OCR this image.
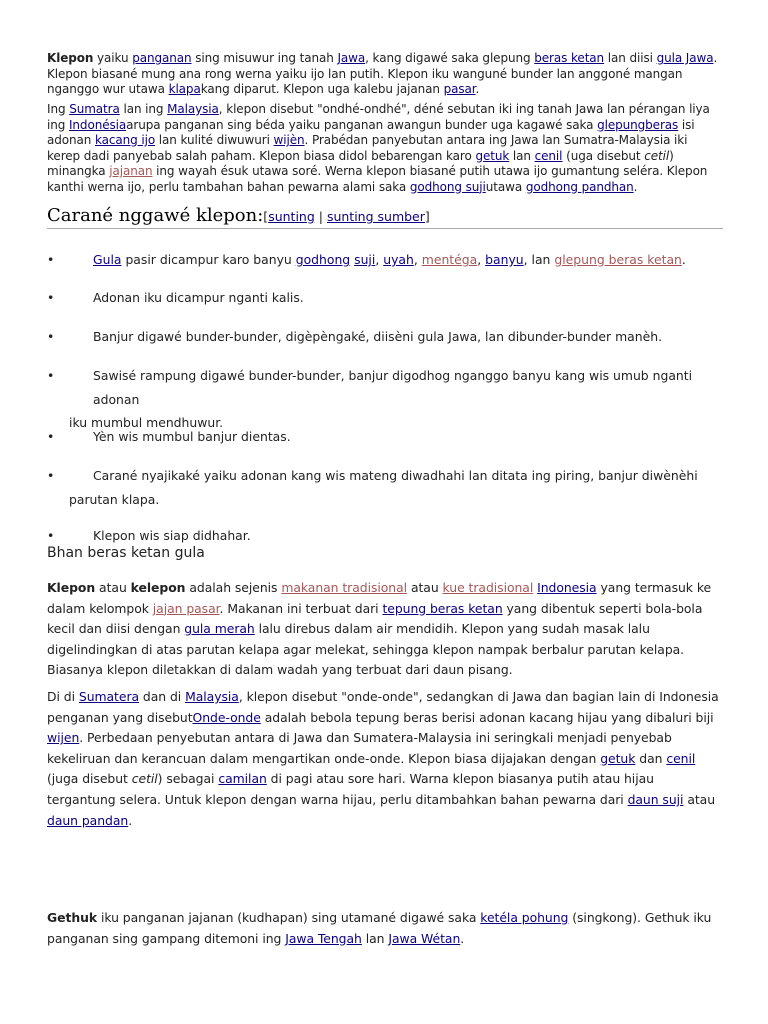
Klepon yaiku panganan sing misuwur ing tanah Jawa, kang digawé saka glepung beras ketan lan diisi gula Jawa. Klepon biasané mung ana rong werna yaiku ijo lan putih. Klepon iku wanguné bunder lan anggoné mangan nganggo wur utawa klapakang diparut. Klepon uga kalebu jajanan pasar.

Ing Sumatra lan ing Malaysia, klepon disebut "ondhé-ondhé", déné sebutan iki ing tanah Jawa lan pérangan liya ing Indonésiaarupa panganan sing béda yaiku panganan awangun bunder uga kagawé saka glepungberas isi adonan kacang ijo lan kulité diwuwuri wijèn. Prabédan panyebutan antara ing Jawa lan Sumatra-Malaysia iki kerep dadi panyebab salah paham. Klepon biasa didol bebarengan karo getuk lan cenil (uga disebut cetil) minangka jajanan ing wayah ésuk utawa soré. Werna klepon biasané putih utawa ijo gumantung seléra. Klepon kanthi werna ijo, perlu tambahan bahan pewarna alami saka godhong sujiutawa godhong pandhan.

Carané nggawé klepon:[sunting | sunting sumber]
•	Gula pasir dicampur karo banyu godhong suji, uyah, mentéga, banyu, lan glepung beras ketan.
•	Adonan iku dicampur nganti kalis.
•	Banjur digawé bunder-bunder, digèpèngaké, diisèni gula Jawa, lan dibunder-bunder manèh.
•	Sawisé rampung digawé bunder-bunder, banjur digodhog nganggo banyu kang wis umub nganti adonan
iku mumbul mendhuwur.
•	Yèn wis mumbul banjur dientas.
•	Carané nyajikaké yaiku adonan kang wis mateng diwadhahi lan ditata ing piring, banjur diwènèhi
parutan klapa.
•	Klepon wis siap didhahar.
Bhan beras ketan gula

Klepon atau kelepon adalah sejenis makanan tradisional atau kue tradisional Indonesia yang termasuk ke dalam kelompok jajan pasar. Makanan ini terbuat dari tepung beras ketan yang dibentuk seperti bola-bola kecil dan diisi dengan gula merah lalu direbus dalam air mendidih. Klepon yang sudah masak lalu digelindingkan di atas parutan kelapa agar melekat, sehingga klepon nampak berbalur parutan kelapa. Biasanya klepon diletakkan di dalam wadah yang terbuat dari daun pisang.

Di di Sumatera dan di Malaysia, klepon disebut "onde-onde", sedangkan di Jawa dan bagian lain di Indonesia penganan yang disebutOnde-onde adalah bebola tepung beras berisi adonan kacang hijau yang dibaluri biji wijen. Perbedaan penyebutan antara di Jawa dan Sumatera-Malaysia ini seringkali menjadi penyebab kekeliruan dan kerancuan dalam mengartikan onde-onde. Klepon biasa dijajakan dengan getuk dan cenil (juga disebut cetil) sebagai camilan di pagi atau sore hari. Warna klepon biasanya putih atau hijau tergantung selera. Untuk klepon dengan warna hijau, perlu ditambahkan bahan pewarna dari daun suji atau daun pandan.

Gethuk iku panganan jajanan (kudhapan) sing utamané digawé saka ketéla pohung (singkong). Gethuk iku panganan sing gampang ditemoni ing Jawa Tengah lan Jawa Wétan.
